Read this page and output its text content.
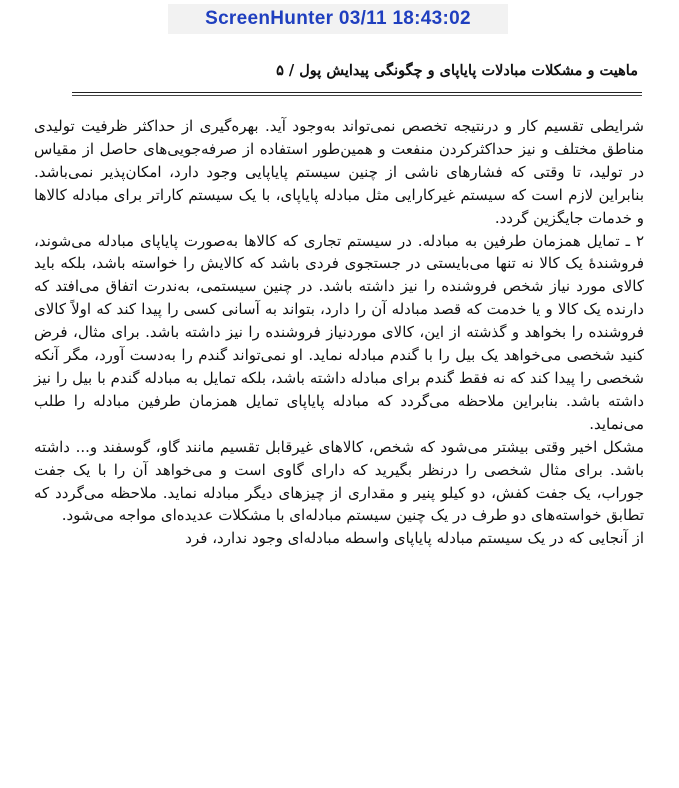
ScreenHunter 03/11 18:43:02
ماهیت و مشکلات مبادلات پایاپای و چگونگی پیدایش پول / ۵

شرایطی تقسیم کار و درنتیجه تخصص نمی‌تواند به‌وجود آید. بهره‌گیری از حداکثر ظرفیت تولیدی مناطق مختلف و نیز حداکثرکردن منفعت و همین‌طور استفاده از صرفه‌جویی‌های حاصل از مقیاس در تولید، تا وقتی که فشارهای ناشی از چنین سیستم پایاپایی وجود دارد، امکان‌پذیر نمی‌باشد. بنابراین لازم است که سیستم غیرکارایی مثل مبادله پایاپای، با یک سیستم کاراتر برای مبادله کالاها و خدمات جایگزین گردد.

۲ ـ تمایل همزمان طرفین به مبادله. در سیستم تجاری که کالاها به‌صورت پایاپای مبادله می‌شوند، فروشندهٔ یک کالا نه تنها می‌بایستی در جستجوی فردی باشد که کالایش را خواسته باشد، بلکه باید کالای مورد نیاز شخص فروشنده را نیز داشته باشد. در چنین سیستمی، به‌ندرت اتفاق می‌افتد که دارنده یک کالا و یا خدمت که قصد مبادله آن را دارد، بتواند به آسانی کسی را پیدا کند که اولاً کالای فروشنده را بخواهد و گذشته از این، کالای موردنیاز فروشنده را نیز داشته باشد. برای مثال، فرض کنید شخصی می‌خواهد یک بیل را با گندم مبادله نماید. او نمی‌تواند گندم را به‌دست آورد، مگر آنکه شخصی را پیدا کند که نه فقط گندم برای مبادله داشته باشد، بلکه تمایل به مبادله گندم با بیل را نیز داشته باشد. بنابراین ملاحظه می‌گردد که مبادله پایاپای تمایل همزمان طرفین مبادله را طلب می‌نماید.

مشکل اخیر وقتی بیشتر می‌شود که شخص، کالاهای غیرقابل تقسیم مانند گاو، گوسفند و... داشته باشد. برای مثال شخصی را درنظر بگیرید که دارای گاوی است و می‌خواهد آن را با یک جفت جوراب، یک جفت کفش، دو کیلو پنیر و مقداری از چیزهای دیگر مبادله نماید. ملاحظه می‌گردد که تطابق خواسته‌های دو طرف در یک چنین سیستم مبادله‌ای با مشکلات عدیده‌ای مواجه می‌شود.

از آنجایی که در یک سیستم مبادله پایاپای واسطه مبادله‌ای وجود ندارد، فرد
